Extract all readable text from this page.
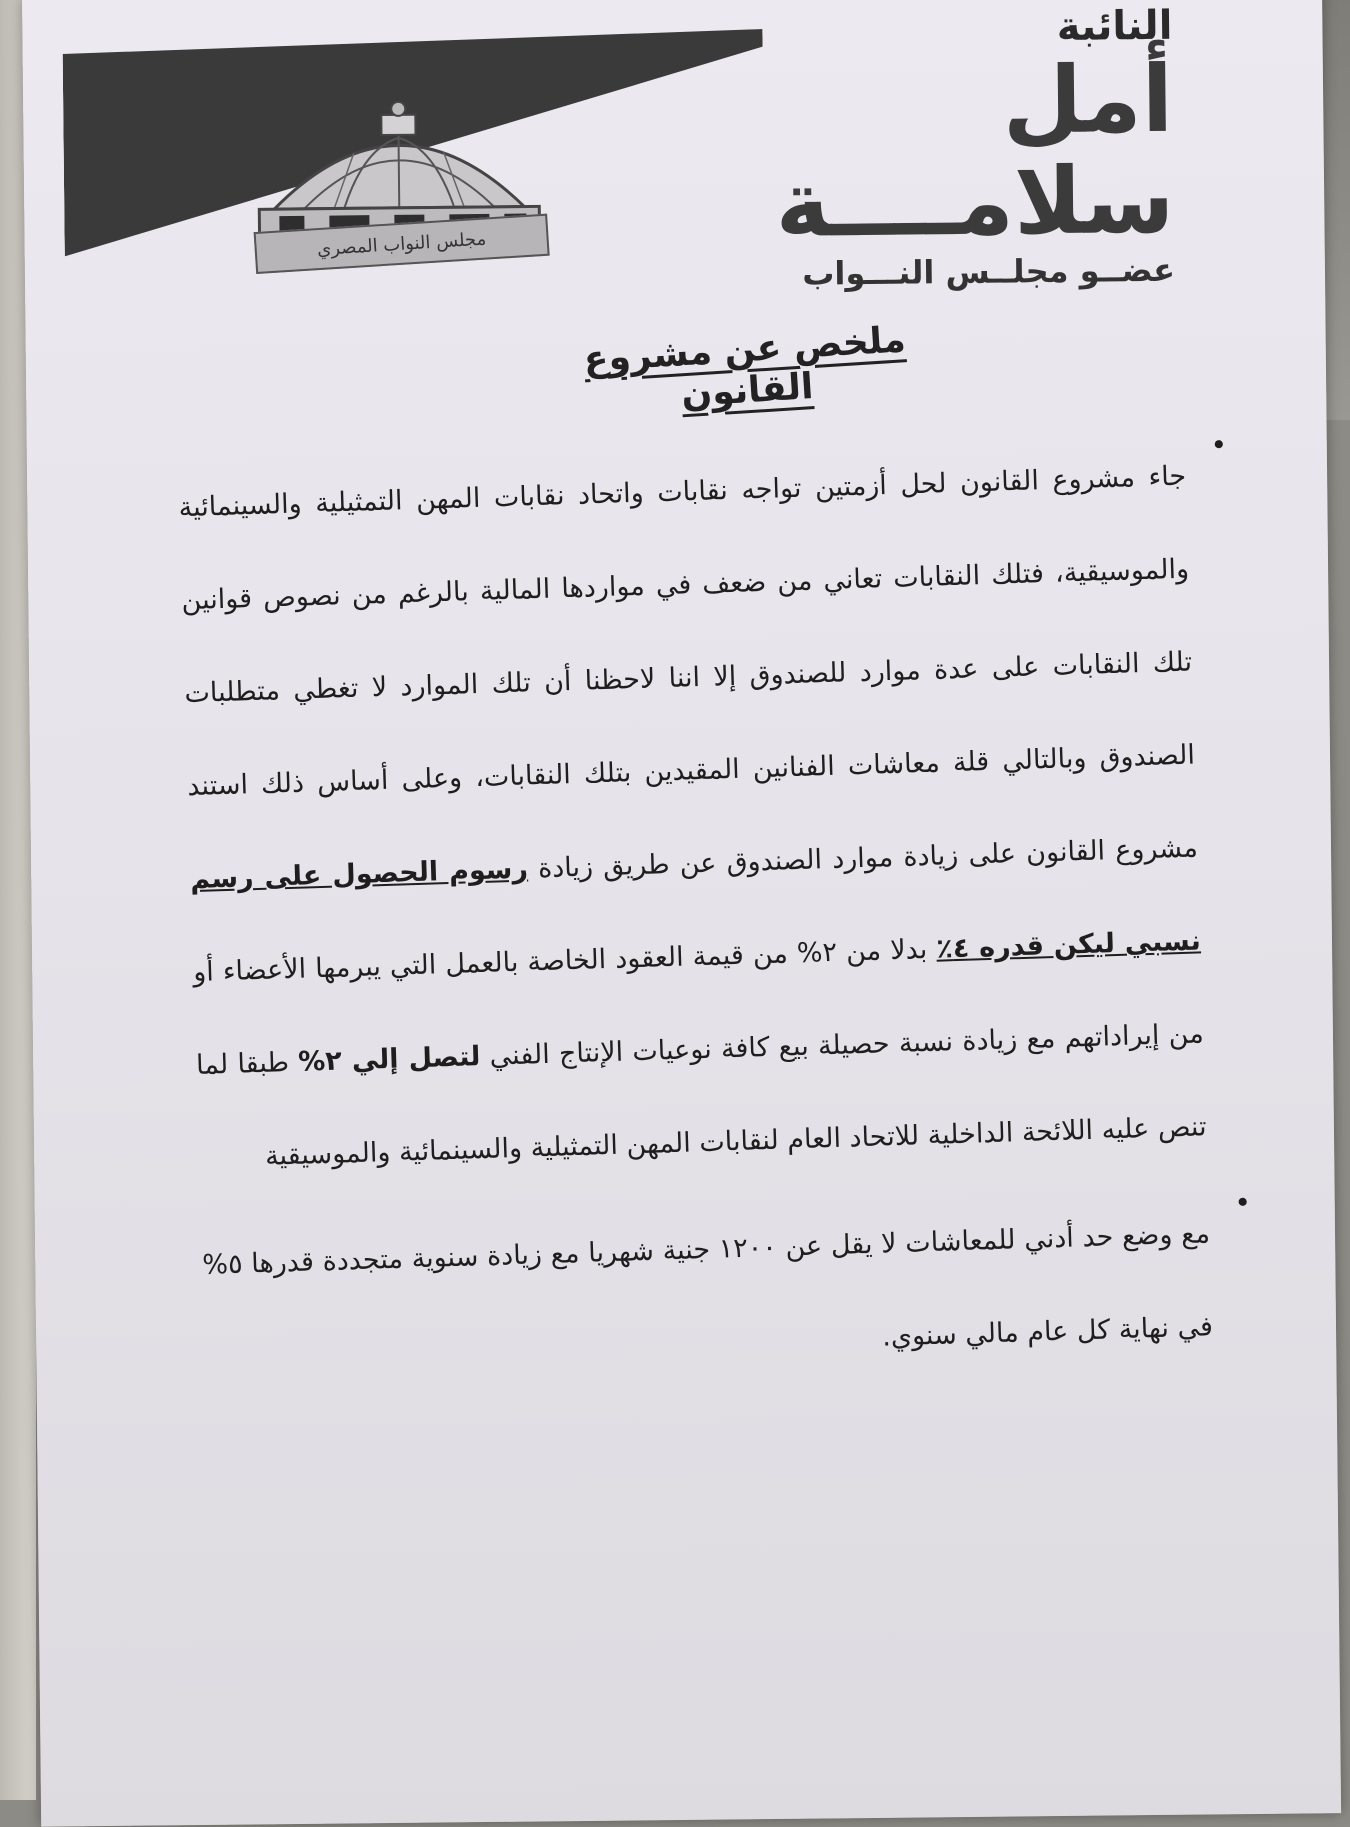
النائبة
أمل سلامــــة
عضــو مجلــس النـــواب
مجلس النواب المصري
ملخص عن مشروع القانون
•

جاء مشروع القانون لحل أزمتين تواجه نقابات واتحاد نقابات المهن التمثيلية والسينمائية والموسيقية، فتلك النقابات تعاني من ضعف في مواردها المالية بالرغم من نصوص قوانين تلك النقابات على عدة موارد للصندوق إلا اننا لاحظنا أن تلك الموارد لا تغطي متطلبات الصندوق وبالتالي قلة معاشات الفنانين المقيدين بتلك النقابات، وعلى أساس ذلك استند مشروع القانون على زيادة موارد الصندوق عن طريق زيادة رسوم الحصول على رسم نسبي ليكن قدره ٤٪ بدلا من ٢% من قيمة العقود الخاصة بالعمل التي يبرمها الأعضاء أو من إيراداتهم مع زيادة نسبة حصيلة بيع كافة نوعيات الإنتاج الفني لتصل إلي ٢% طبقا لما تنص عليه اللائحة الداخلية للاتحاد العام لنقابات المهن التمثيلية والسينمائية والموسيقية

•

مع وضع حد أدني للمعاشات لا يقل عن ١٢٠٠ جنية شهريا مع زيادة سنوية متجددة قدرها ٥% في نهاية كل عام مالي سنوي.
